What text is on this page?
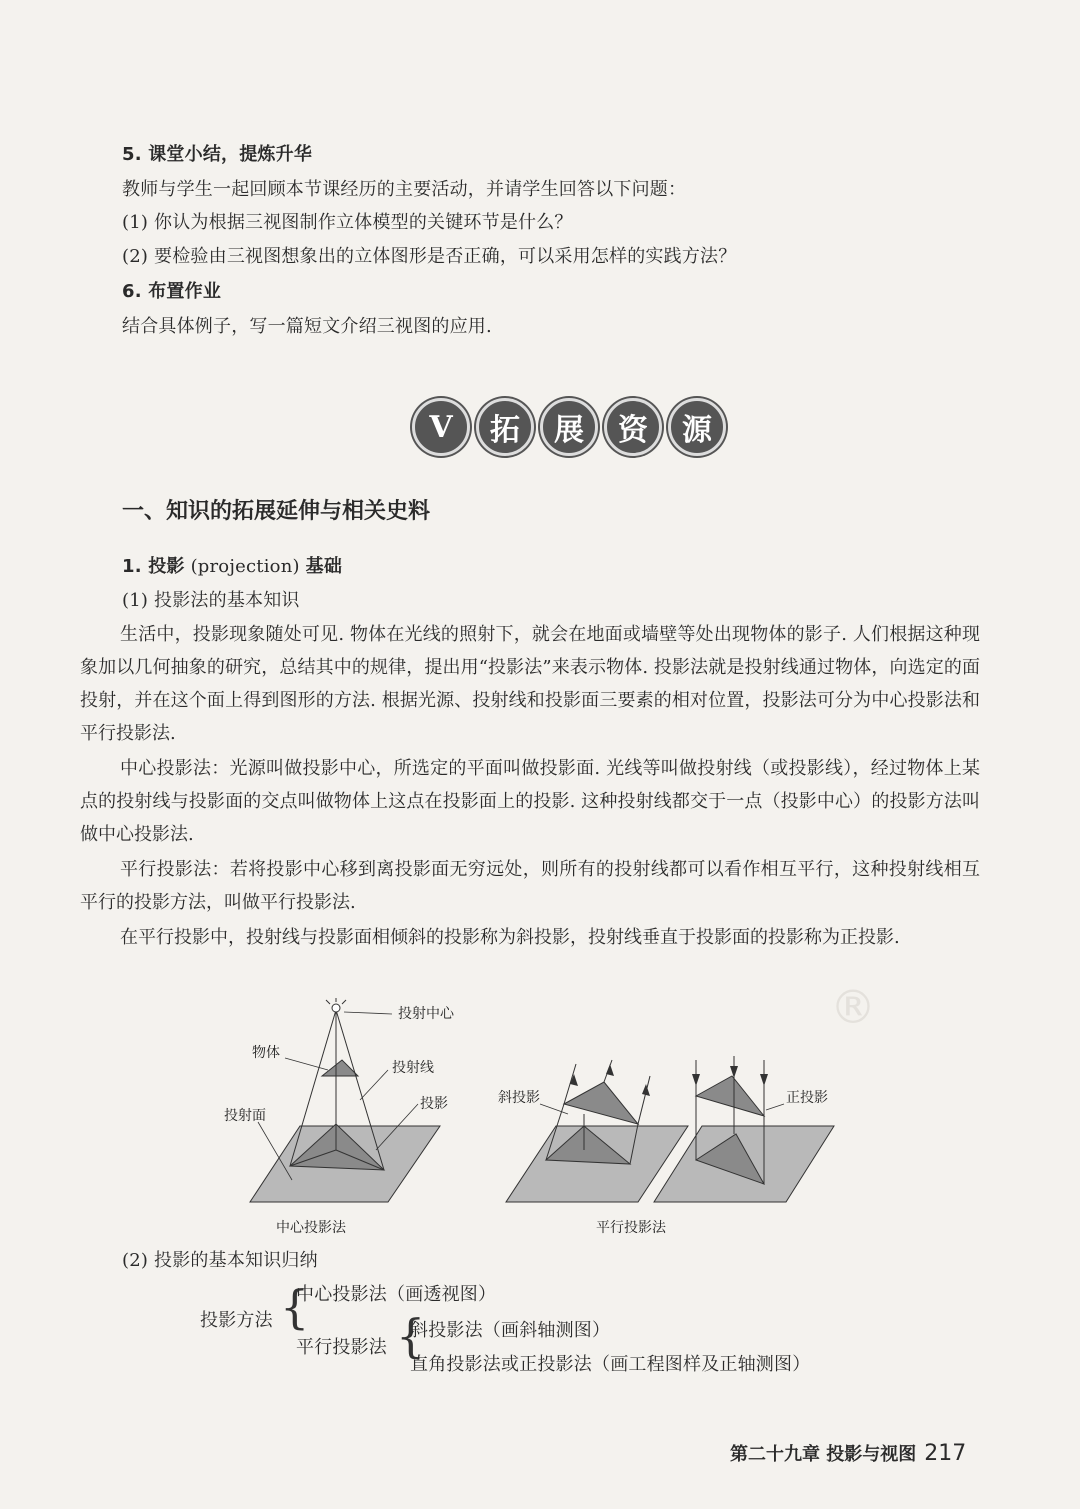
5. 课堂小结，提炼升华
教师与学生一起回顾本节课经历的主要活动，并请学生回答以下问题：
(1) 你认为根据三视图制作立体模型的关键环节是什么？
(2) 要检验由三视图想象出的立体图形是否正确，可以采用怎样的实践方法？
6. 布置作业
结合具体例子，写一篇短文介绍三视图的应用.
V	拓	展	资	源
一、知识的拓展延伸与相关史料
1. 投影 (projection) 基础
(1) 投影法的基本知识
生活中，投影现象随处可见. 物体在光线的照射下，就会在地面或墙壁等处出现物体的影子. 人们根据这种现象加以几何抽象的研究，总结其中的规律，提出用“投影法”来表示物体. 投影法就是投射线通过物体，向选定的面投射，并在这个面上得到图形的方法. 根据光源、投射线和投影面三要素的相对位置，投影法可分为中心投影法和平行投影法.
中心投影法：光源叫做投影中心，所选定的平面叫做投影面. 光线等叫做投射线（或投影线），经过物体上某点的投射线与投影面的交点叫做物体上这点在投影面上的投影. 这种投射线都交于一点（投影中心）的投影方法叫做中心投影法.
平行投影法：若将投影中心移到离投影面无穷远处，则所有的投射线都可以看作相互平行，这种投射线相互平行的投影方法，叫做平行投影法.
在平行投影中，投射线与投影面相倾斜的投影称为斜投影，投射线垂直于投影面的投影称为正投影.
®
投射中心
物体
投射线
投影
投射面
中心投影法
斜投影	正投影
平行投影法
(2) 投影的基本知识归纳
投影方法 {
中心投影法（画透视图）
平行投影法 {
斜投影法（画斜轴测图）
直角投影法或正投影法（画工程图样及正轴测图）
第二十九章 投影与视图 217
